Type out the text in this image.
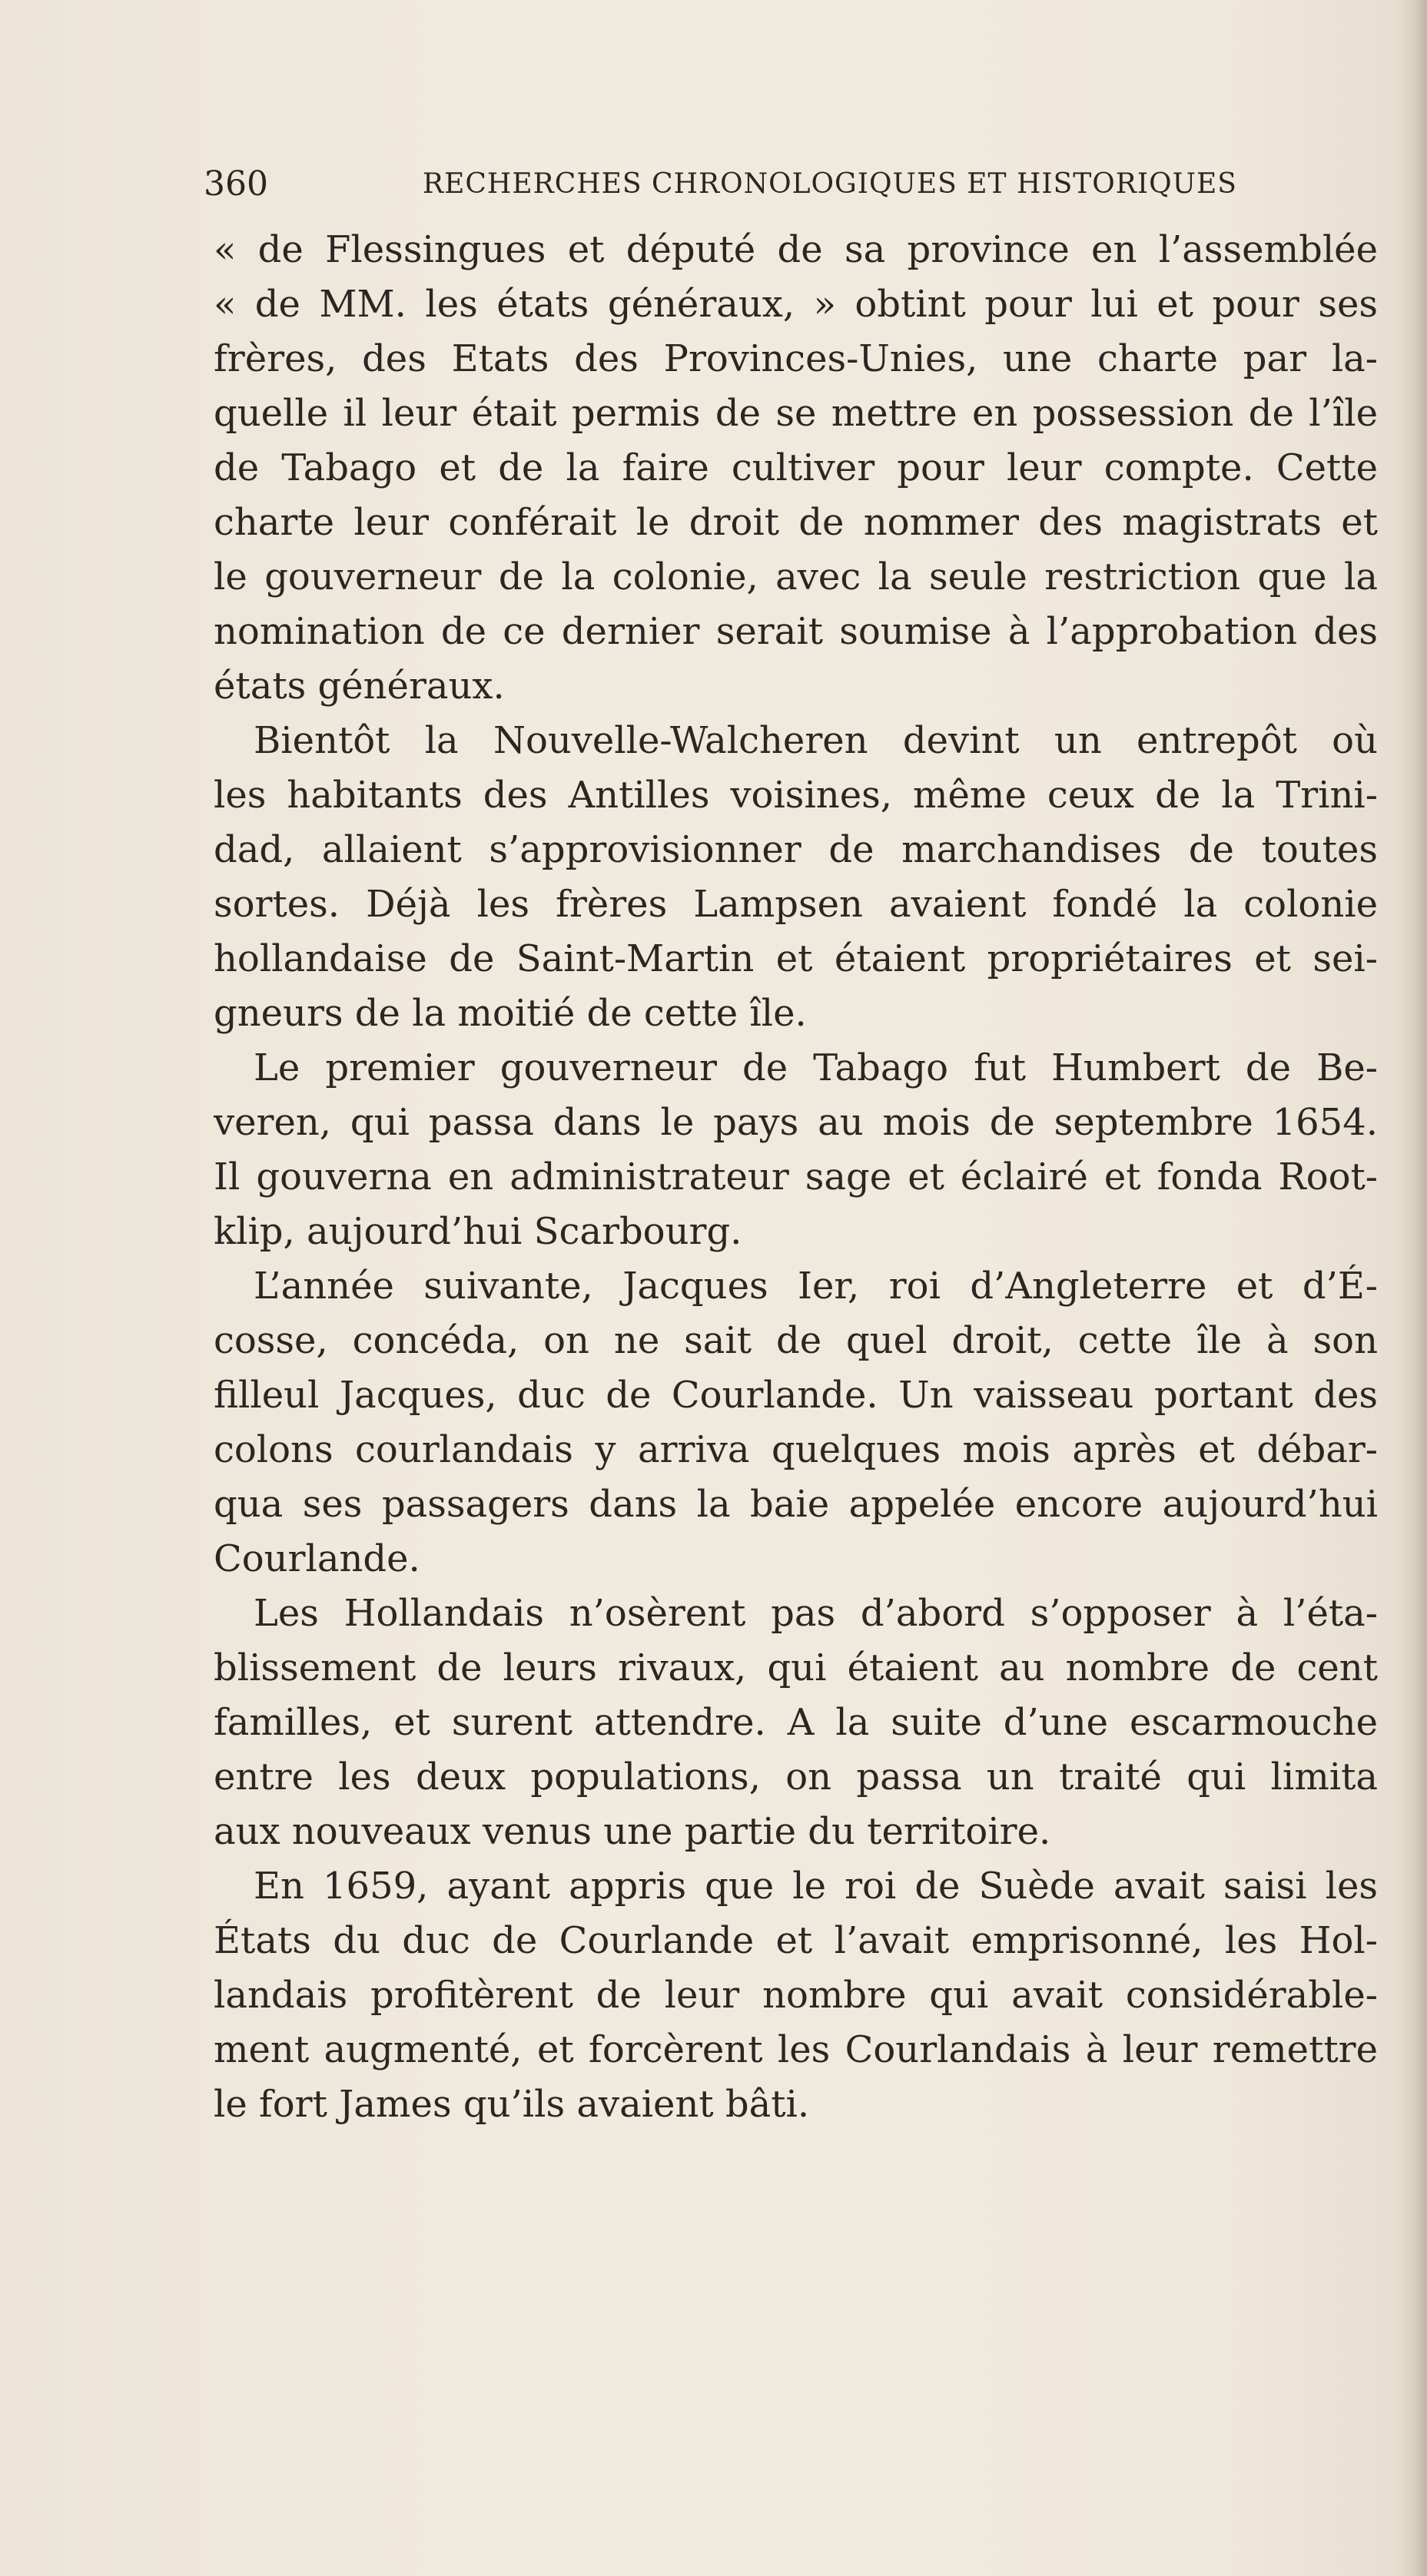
360	RECHERCHES CHRONOLOGIQUES ET HISTORIQUES
« de Flessingues et député de sa province en l’assemblée
« de MM. les états généraux, » obtint pour lui et pour ses
frères, des Etats des Provinces-Unies, une charte par la-
quelle il leur était permis de se mettre en possession de l’île
de Tabago et de la faire cultiver pour leur compte. Cette
charte leur conférait le droit de nommer des magistrats et
le gouverneur de la colonie, avec la seule restriction que la
nomination de ce dernier serait soumise à l’approbation des
états généraux.
Bientôt la Nouvelle-Walcheren devint un entrepôt où
les habitants des Antilles voisines, même ceux de la Trini-
dad, allaient s’approvisionner de marchandises de toutes
sortes. Déjà les frères Lampsen avaient fondé la colonie
hollandaise de Saint-Martin et étaient propriétaires et sei-
gneurs de la moitié de cette île.
Le premier gouverneur de Tabago fut Humbert de Be-
veren, qui passa dans le pays au mois de septembre 1654.
Il gouverna en administrateur sage et éclairé et fonda Root-
klip, aujourd’hui Scarbourg.
L’année suivante, Jacques Ier, roi d’Angleterre et d’É-
cosse, concéda, on ne sait de quel droit, cette île à son
filleul Jacques, duc de Courlande. Un vaisseau portant des
colons courlandais y arriva quelques mois après et débar-
qua ses passagers dans la baie appelée encore aujourd’hui
Courlande.
Les Hollandais n’osèrent pas d’abord s’opposer à l’éta-
blissement de leurs rivaux, qui étaient au nombre de cent
familles, et surent attendre. A la suite d’une escarmouche
entre les deux populations, on passa un traité qui limita
aux nouveaux venus une partie du territoire.
En 1659, ayant appris que le roi de Suède avait saisi les
États du duc de Courlande et l’avait emprisonné, les Hol-
landais profitèrent de leur nombre qui avait considérable-
ment augmenté, et forcèrent les Courlandais à leur remettre
le fort James qu’ils avaient bâti.
